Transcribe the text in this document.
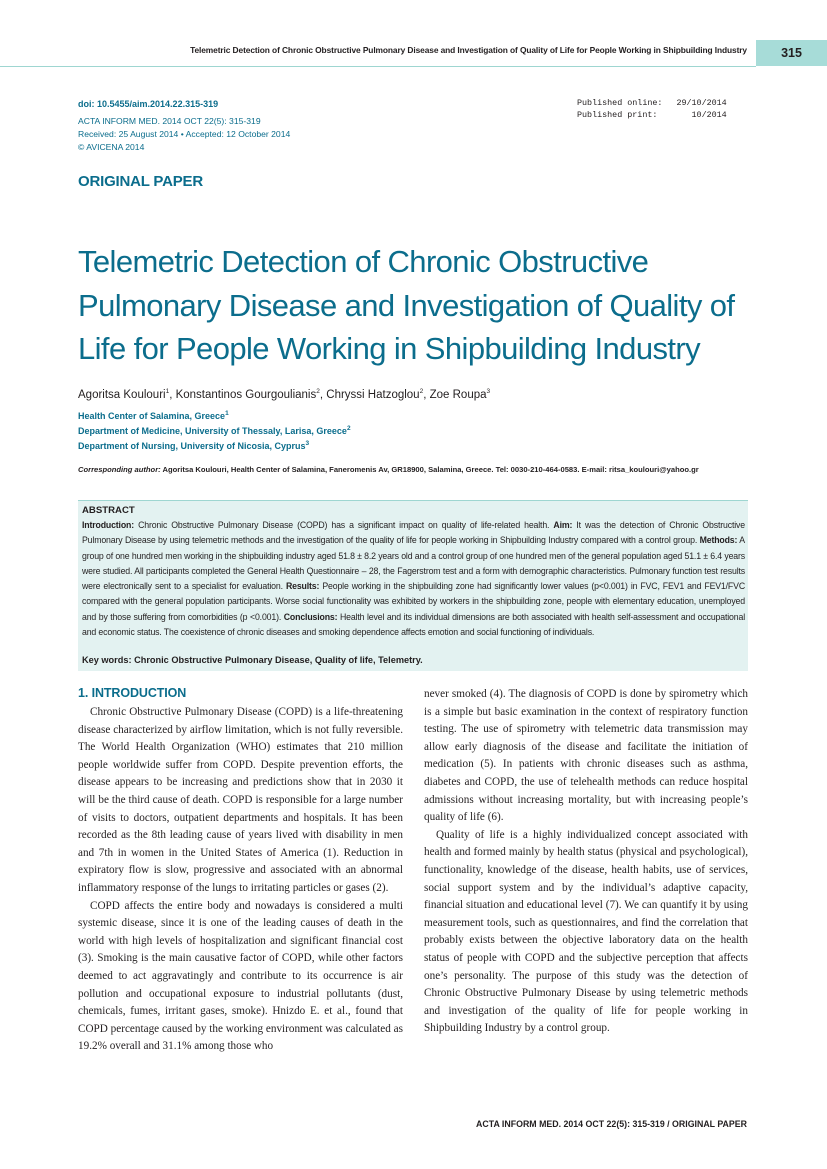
Telemetric Detection of Chronic Obstructive Pulmonary Disease and Investigation of Quality of Life for People Working in Shipbuilding Industry	315
doi: 10.5455/aim.2014.22.315-319
ACTA INFORM MED. 2014 OCT 22(5): 315-319
Received: 25 August 2014 • Accepted: 12 October 2014
© AVICENA 2014
Published online:	29/10/2014
Published print:	10/2014
ORIGINAL PAPER
Telemetric Detection of Chronic Obstructive Pulmonary Disease and Investigation of Quality of Life for People Working in Shipbuilding Industry
Agoritsa Koulouri$^1$, Konstantinos Gourgoulianis$^2$, Chryssi Hatzoglou$^2$, Zoe Roupa$^3$
Health Center of Salamina, Greece$^1$
Department of Medicine, University of Thessaly, Larisa, Greece$^2$
Department of Nursing, University of Nicosia, Cyprus$^3$
Corresponding author: Agoritsa Koulouri, Health Center of Salamina, Faneromenis Av, GR18900, Salamina, Greece. Tel: 0030-210-464-0583. E-mail: ritsa_koulouri@yahoo.gr
ABSTRACT
Introduction: Chronic Obstructive Pulmonary Disease (COPD) has a significant impact on quality of life-related health. Aim: It was the detection of Chronic Obstructive Pulmonary Disease by using telemetric methods and the investigation of the quality of life for people working in Shipbuilding Industry compared with a control group. Methods: A group of one hundred men working in the shipbuilding industry aged 51.8 ± 8.2 years old and a control group of one hundred men of the general population aged 51.1 ± 6.4 years were studied. All participants completed the General Health Questionnaire – 28, the Fagerstrom test and a form with demographic characteristics. Pulmonary function test results were electronically sent to a specialist for evaluation. Results: People working in the shipbuilding zone had significantly lower values (p<0.001) in FVC, FEV1 and FEV1/FVC compared with the general population participants. Worse social functionality was exhibited by workers in the shipbuilding zone, people with elementary education, unemployed and by those suffering from comorbidities (p <0.001). Conclusions: Health level and its individual dimensions are both associated with health self-assessment and occupational and economic status. The coexistence of chronic diseases and smoking dependence affects emotion and social functioning of individuals.
Key words: Chronic Obstructive Pulmonary Disease, Quality of life, Telemetry.
1. INTRODUCTION

Chronic Obstructive Pulmonary Disease (COPD) is a life-threatening disease characterized by airflow limitation, which is not fully reversible. The World Health Organization (WHO) estimates that 210 million people worldwide suffer from COPD. Despite prevention efforts, the disease appears to be increasing and predictions show that in 2030 it will be the third cause of death. COPD is responsible for a large number of visits to doctors, outpatient departments and hospitals. It has been recorded as the 8th leading cause of years lived with disability in men and 7th in women in the United States of America (1). Reduction in expiratory flow is slow, progressive and associated with an abnormal inflammatory response of the lungs to irritating particles or gases (2).

COPD affects the entire body and nowadays is considered a multi systemic disease, since it is one of the leading causes of death in the world with high levels of hospitalization and significant financial cost (3). Smoking is the main causative factor of COPD, while other factors deemed to act aggravatingly and contribute to its occurrence is air pollution and occupational exposure to industrial pollutants (dust, chemicals, fumes, irritant gases, smoke). Hnizdo E. et al., found that COPD percentage caused by the working environment was calculated as 19.2% overall and 31.1% among those who

never smoked (4). The diagnosis of COPD is done by spirometry which is a simple but basic examination in the context of respiratory function testing. The use of spirometry with telemetric data transmission may allow early diagnosis of the disease and facilitate the initiation of medication (5). In patients with chronic diseases such as asthma, diabetes and COPD, the use of telehealth methods can reduce hospital admissions without increasing mortality, but with increasing people’s quality of life (6).

Quality of life is a highly individualized concept associated with health and formed mainly by health status (physical and psychological), functionality, knowledge of the disease, health habits, use of services, social support system and by the individual’s adaptive capacity, financial situation and educational level (7). We can quantify it by using measurement tools, such as questionnaires, and find the correlation that probably exists between the objective laboratory data on the health status of people with COPD and the subjective perception that affects one’s personality. The purpose of this study was the detection of Chronic Obstructive Pulmonary Disease by using telemetric methods and investigation of the quality of life for people working in Shipbuilding Industry by a control group.

ACTA INFORM MED. 2014 OCT 22(5): 315-319 / ORIGINAL PAPER
